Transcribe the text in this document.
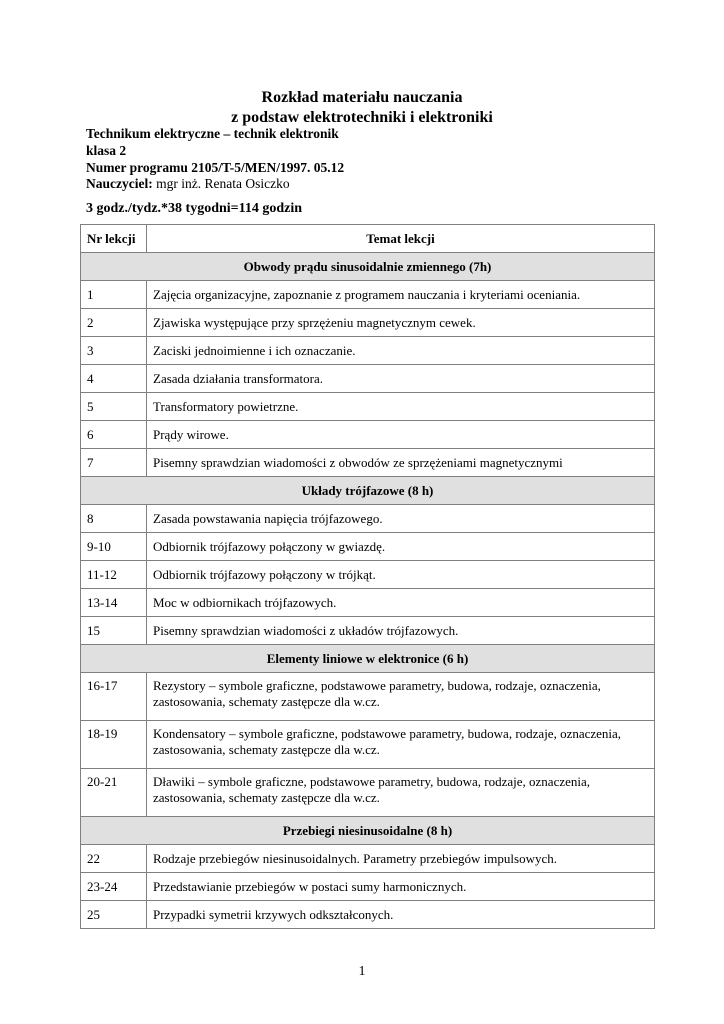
Rozkład materiału nauczania
z podstaw elektrotechniki i elektroniki
Technikum elektryczne – technik elektronik
klasa 2
Numer programu 2105/T-5/MEN/1997. 05.12
Nauczyciel: mgr inż. Renata Osiczko
3 godz./tydz.*38 tygodni=114 godzin
Nr lekcji	Temat lekcji
Obwody prądu sinusoidalnie zmiennego (7h)	
1	Zajęcia organizacyjne, zapoznanie z programem nauczania i kryteriami oceniania.
2	Zjawiska występujące przy sprzężeniu magnetycznym cewek.
3	Zaciski jednoimienne i ich oznaczanie.
4	Zasada działania transformatora.
5	Transformatory powietrzne.
6	Prądy wirowe.
7	Pisemny sprawdzian wiadomości z obwodów ze sprzężeniami magnetycznymi
Układy trójfazowe (8 h)	
8	Zasada powstawania napięcia trójfazowego.
9-10	Odbiornik trójfazowy połączony w gwiazdę.
11-12	Odbiornik trójfazowy połączony w trójkąt.
13-14	Moc w odbiornikach trójfazowych.
15	Pisemny sprawdzian wiadomości z układów trójfazowych.
Elementy liniowe w elektronice (6 h)	
16-17	Rezystory – symbole graficzne, podstawowe parametry, budowa, rodzaje, oznaczenia, zastosowania, schematy zastępcze dla w.cz.
18-19	Kondensatory – symbole graficzne, podstawowe parametry, budowa, rodzaje, oznaczenia, zastosowania, schematy zastępcze dla w.cz.
20-21	Dławiki – symbole graficzne, podstawowe parametry, budowa, rodzaje, oznaczenia, zastosowania, schematy zastępcze dla w.cz.
Przebiegi niesinusoidalne (8 h)	
22	Rodzaje przebiegów niesinusoidalnych. Parametry przebiegów impulsowych.
23-24	Przedstawianie przebiegów w postaci sumy harmonicznych.
25	Przypadki symetrii krzywych odkształconych.
1
